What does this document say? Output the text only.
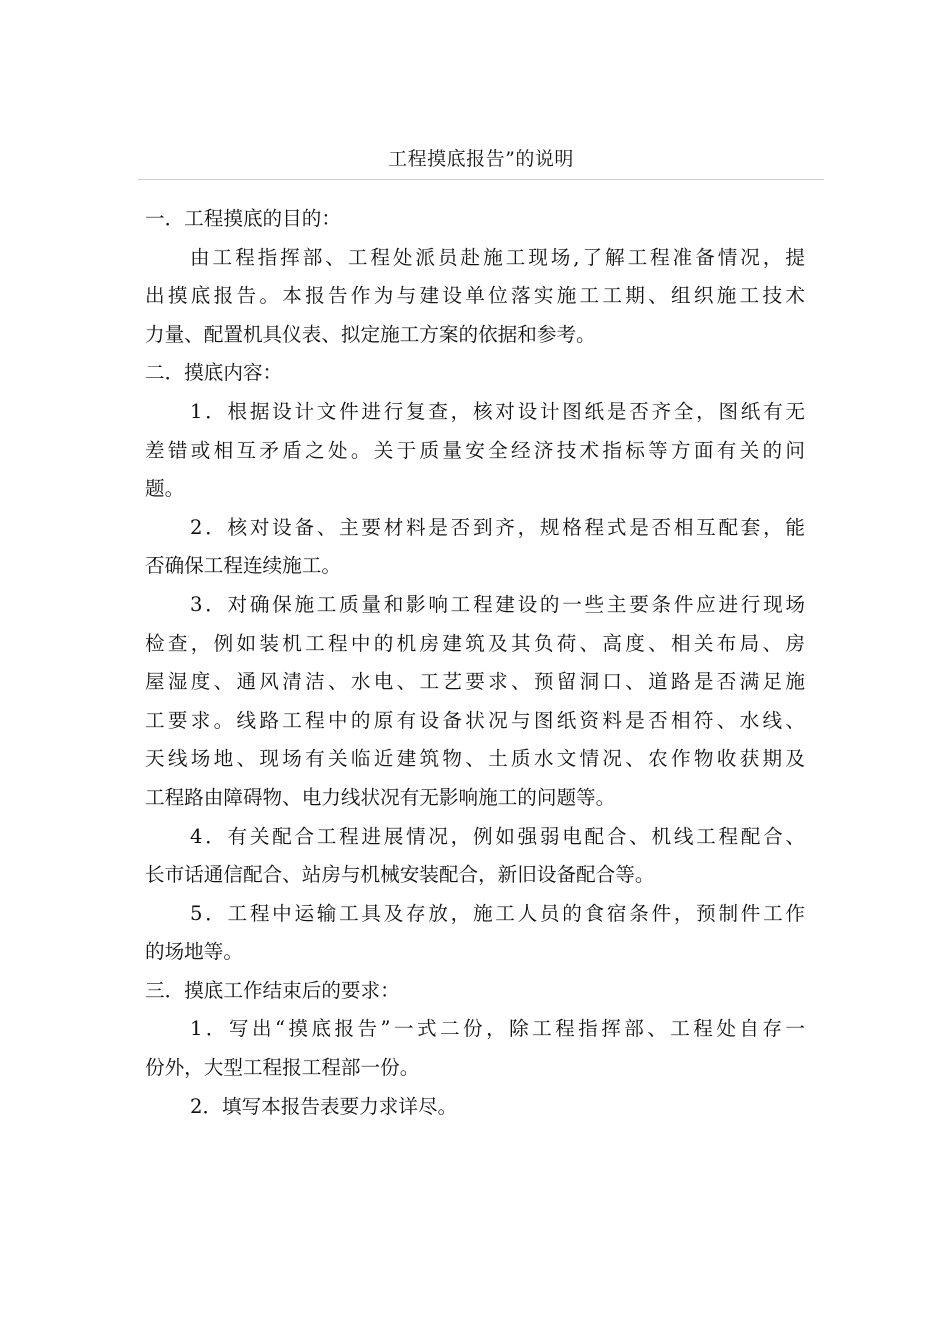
工程摸底报告”的说明
一．工程摸底的目的：
由工程指挥部、工程处派员赴施工现场,了解工程准备情况，提
出摸底报告。本报告作为与建设单位落实施工工期、组织施工技术
力量、配置机具仪表、拟定施工方案的依据和参考。
二．摸底内容：
1．根据设计文件进行复查，核对设计图纸是否齐全，图纸有无
差错或相互矛盾之处。关于质量安全经济技术指标等方面有关的问
题。
2．核对设备、主要材料是否到齐，规格程式是否相互配套，能
否确保工程连续施工。
3．对确保施工质量和影响工程建设的一些主要条件应进行现场
检查，例如装机工程中的机房建筑及其负荷、高度、相关布局、房
屋湿度、通风清洁、水电、工艺要求、预留洞口、道路是否满足施
工要求。线路工程中的原有设备状况与图纸资料是否相符、水线、
天线场地、现场有关临近建筑物、土质水文情况、农作物收获期及
工程路由障碍物、电力线状况有无影响施工的问题等。
4．有关配合工程进展情况，例如强弱电配合、机线工程配合、
长市话通信配合、站房与机械安装配合，新旧设备配合等。
5．工程中运输工具及存放，施工人员的食宿条件，预制件工作
的场地等。
三．摸底工作结束后的要求：
1．写出“摸底报告”一式二份，除工程指挥部、工程处自存一
份外，大型工程报工程部一份。
2．填写本报告表要力求详尽。
